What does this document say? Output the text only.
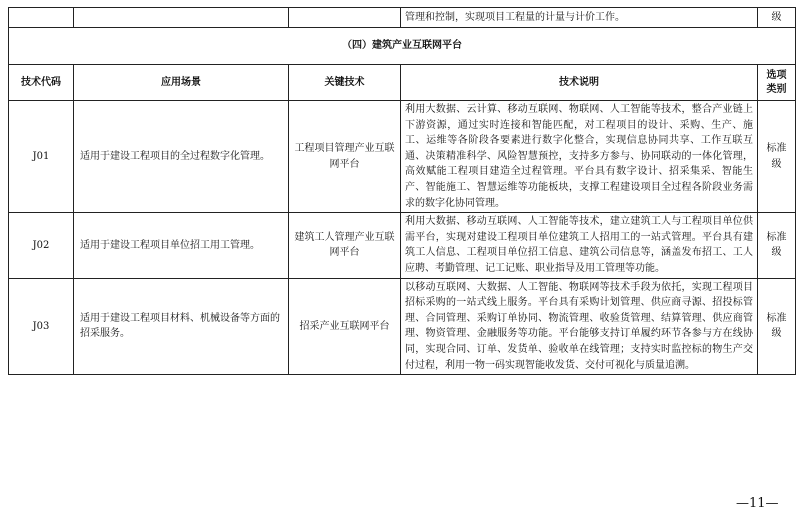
			管理和控制，实现项目工程量的计量与计价工作。	级
（四）建筑产业互联网平台				
技术代码	应用场景	关键技术	技术说明	选项类别
J01	适用于建设工程项目的全过程数字化管理。	工程项目管理产业互联网平台	利用大数据、云计算、移动互联网、物联网、人工智能等技术，整合产业链上下游资源，通过实时连接和智能匹配，对工程项目的设计、采购、生产、施工、运维等各阶段各要素进行数字化整合，实现信息协同共享、工作互联互通、决策精准科学、风险智慧预控，支持多方参与、协同联动的一体化管理，高效赋能工程项目建造全过程管理。平台具有数字设计、招采集采、智能生产、智能施工、智慧运维等功能板块，支撑工程建设项目全过程各阶段业务需求的数字化协同管理。	标准级
J02	适用于建设工程项目单位招工用工管理。	建筑工人管理产业互联网平台	利用大数据、移动互联网、人工智能等技术，建立建筑工人与工程项目单位供需平台，实现对建设工程项目单位建筑工人招用工的一站式管理。平台具有建筑工人信息、工程项目单位招工信息、建筑公司信息等，涵盖发布招工、工人应聘、考勤管理、记工记账、职业指导及用工管理等功能。	标准级
J03	适用于建设工程项目材料、机械设备等方面的招采服务。	招采产业互联网平台	以移动互联网、大数据、人工智能、物联网等技术手段为依托，实现工程项目招标采购的一站式线上服务。平台具有采购计划管理、供应商寻源、招投标管理、合同管理、采购订单协同、物流管理、收验货管理、结算管理、供应商管理、物资管理、金融服务等功能。平台能够支持订单履约环节各参与方在线协同，实现合同、订单、发货单、验收单在线管理；支持实时监控标的物生产交付过程，利用一物一码实现智能收发货、交付可视化与质量追溯。	标准级
—11—
